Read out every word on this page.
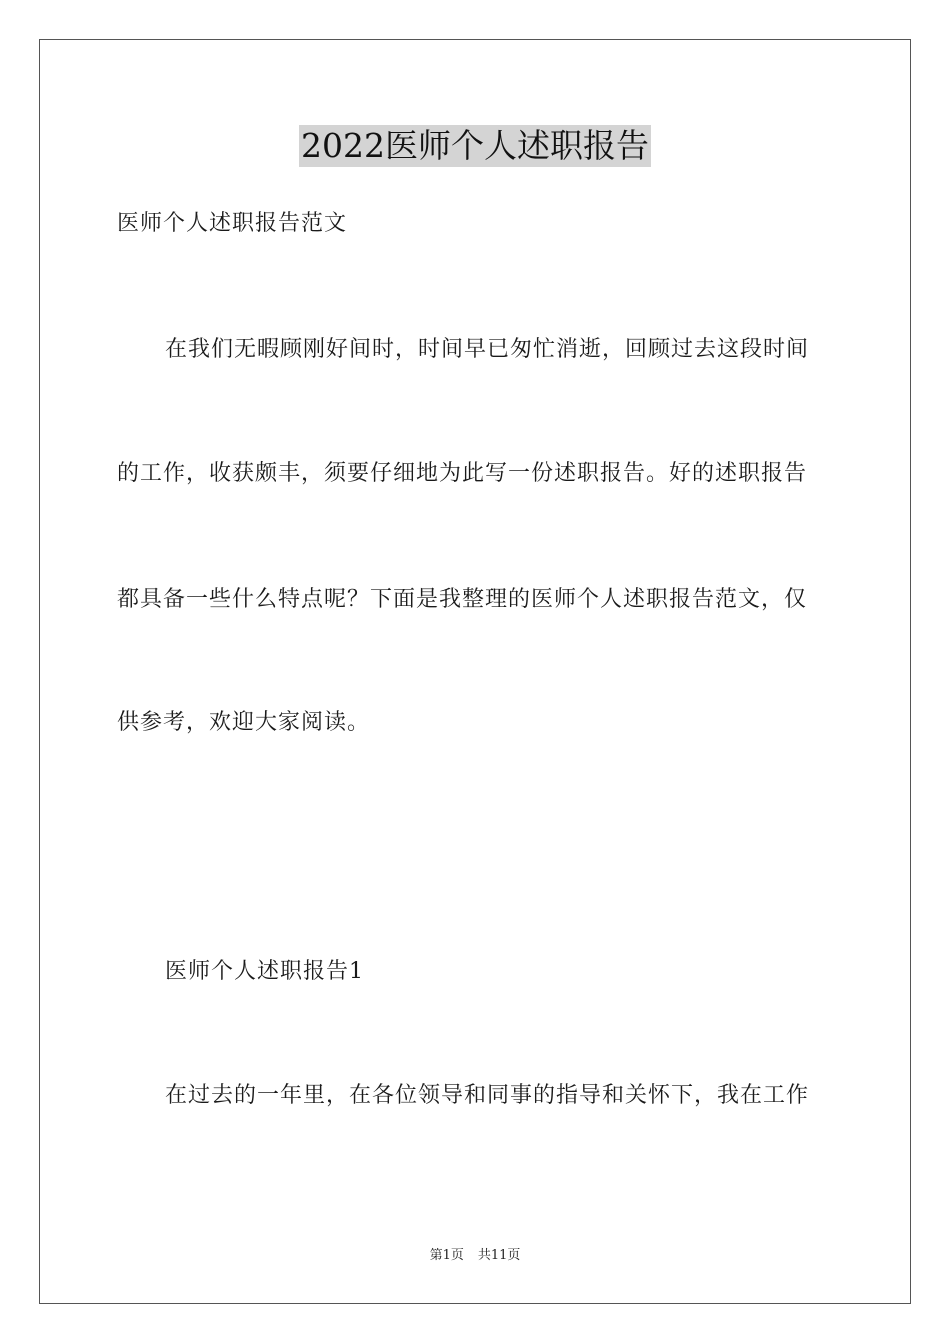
2022医师个人述职报告
医师个人述职报告范文
在我们无暇顾刚好间时，时间早已匆忙消逝，回顾过去这段时间
的工作，收获颇丰，须要仔细地为此写一份述职报告。好的述职报告
都具备一些什么特点呢？下面是我整理的医师个人述职报告范文，仅
供参考，欢迎大家阅读。
医师个人述职报告1
在过去的一年里，在各位领导和同事的指导和关怀下，我在工作
第1页 共11页
